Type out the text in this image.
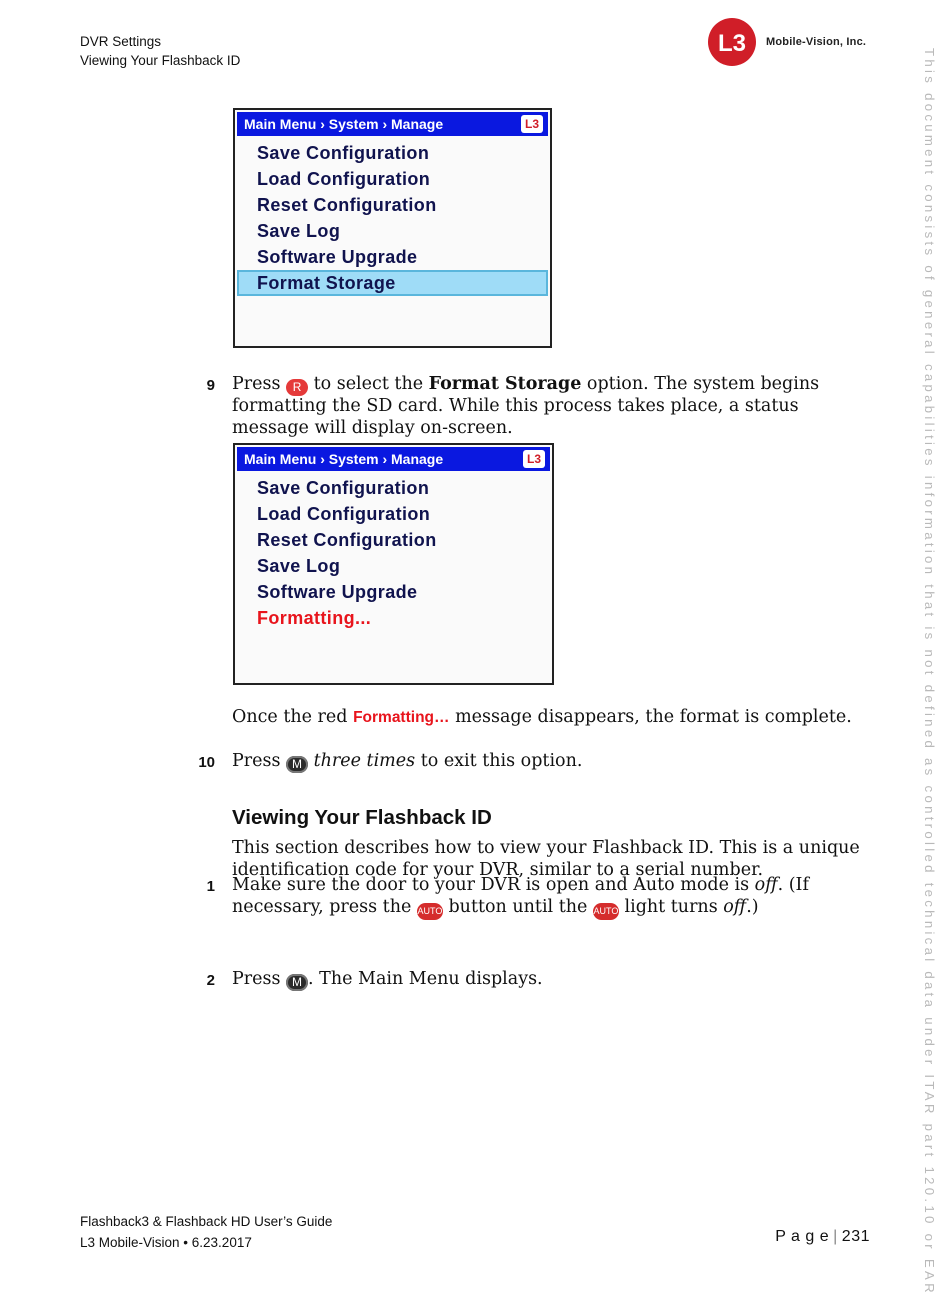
DVR Settings
Viewing Your Flashback ID
L3 Mobile-Vision, Inc.
This document consists of general capabilities information that is not defined as controlled technical data under ITAR part 120.10 or EAR
Main Menu › System › Manage	L3
Save Configuration
Load Configuration
Reset Configuration
Save Log
Software Upgrade
Format Storage
9 Press R to select the Format Storage option. The system begins formatting the SD card. While this process takes place, a status message will display on-screen.
Main Menu › System › Manage	L3
Save Configuration
Load Configuration
Reset Configuration
Save Log
Software Upgrade
Formatting...
Once the red Formatting… message disappears, the format is complete.
10 Press M three times to exit this option.
Viewing Your Flashback ID
This section describes how to view your Flashback ID. This is a unique identification code for your DVR, similar to a serial number.
1 Make sure the door to your DVR is open and Auto mode is off. (If necessary, press the AUTO button until the AUTO light turns off.)
2 Press M . The Main Menu displays.
Flashback3 & Flashback HD User’s Guide
L3 Mobile-Vision • 6.23.2017	P a g e | 231
